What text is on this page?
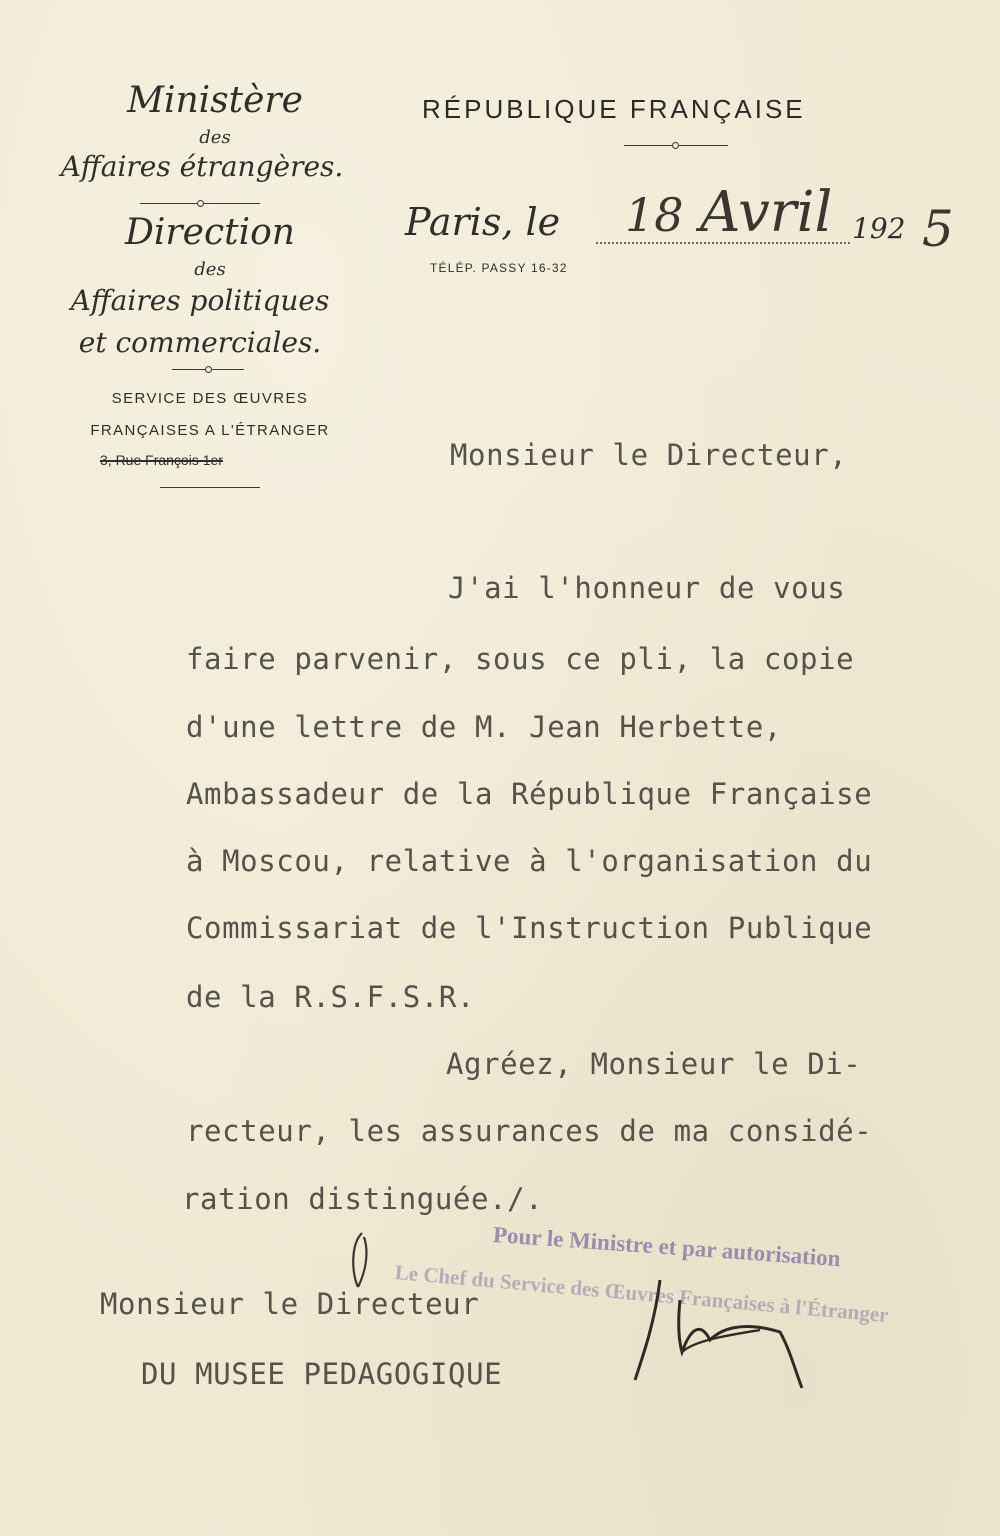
Ministère
des
Affaires étrangères.
Direction
des
Affaires politiques
et commerciales.
SERVICE DES ŒUVRES
FRANÇAISES A L'ÉTRANGER
3, Rue François 1er
RÉPUBLIQUE FRANÇAISE
Paris, le 18 Avril 192 5
TÉLÉP. PASSY 16-32
Monsieur le Directeur,
J'ai l'honneur de vous
faire parvenir, sous ce pli, la copie
d'une lettre de M. Jean Herbette,
Ambassadeur de la République Française
à Moscou, relative à l'organisation du
Commissariat de l'Instruction Publique
de la R.S.F.S.R.
Agréez, Monsieur le Di-
recteur, les assurances de ma considé-
ration distinguée./.
Pour le Ministre et par autorisation
Le Chef du Service des Œuvres Françaises à l'Étranger
Monsieur le Directeur
DU MUSEE PEDAGOGIQUE
